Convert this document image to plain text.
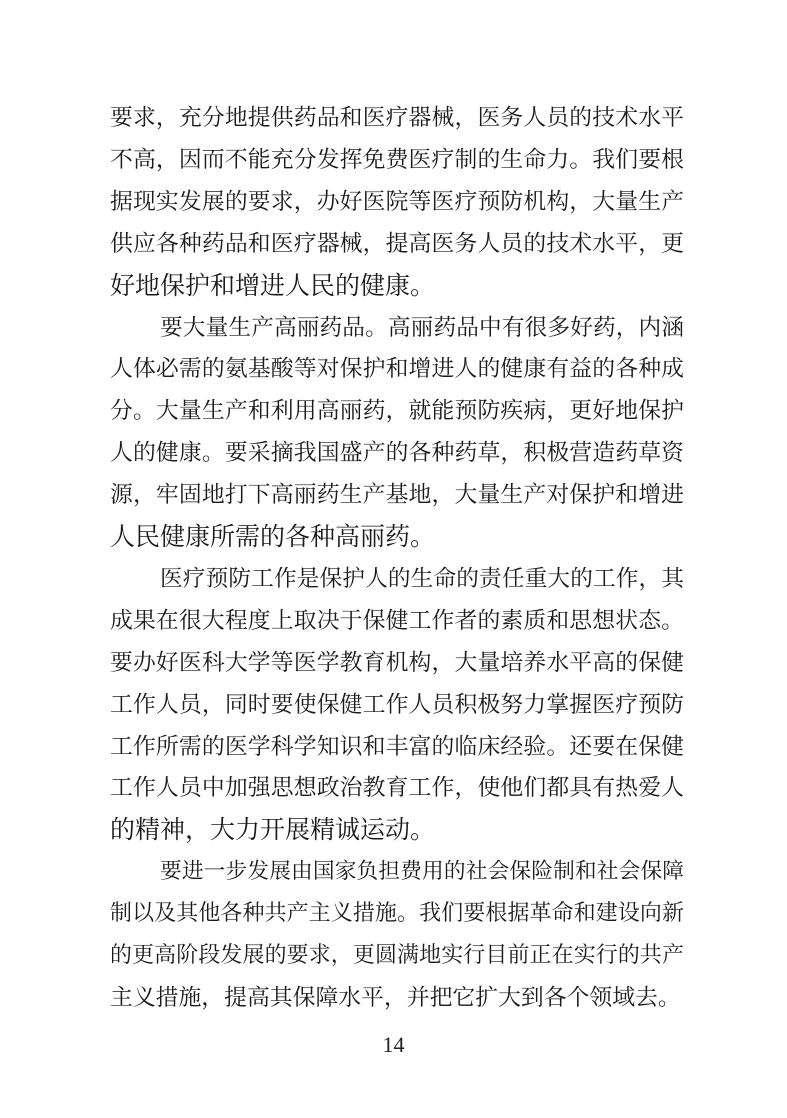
要求，充分地提供药品和医疗器械，医务人员的技术水平
不高，因而不能充分发挥免费医疗制的生命力。我们要根
据现实发展的要求，办好医院等医疗预防机构，大量生产
供应各种药品和医疗器械，提高医务人员的技术水平，更
好地保护和增进人民的健康。
要大量生产高丽药品。高丽药品中有很多好药，内涵
人体必需的氨基酸等对保护和增进人的健康有益的各种成
分。大量生产和利用高丽药，就能预防疾病，更好地保护
人的健康。要采摘我国盛产的各种药草，积极营造药草资
源，牢固地打下高丽药生产基地，大量生产对保护和增进
人民健康所需的各种高丽药。
医疗预防工作是保护人的生命的责任重大的工作，其
成果在很大程度上取决于保健工作者的素质和思想状态。
要办好医科大学等医学教育机构，大量培养水平高的保健
工作人员，同时要使保健工作人员积极努力掌握医疗预防
工作所需的医学科学知识和丰富的临床经验。还要在保健
工作人员中加强思想政治教育工作，使他们都具有热爱人
的精神，大力开展精诚运动。
要进一步发展由国家负担费用的社会保险制和社会保障
制以及其他各种共产主义措施。我们要根据革命和建设向新
的更高阶段发展的要求，更圆满地实行目前正在实行的共产
主义措施，提高其保障水平，并把它扩大到各个领域去。
14
